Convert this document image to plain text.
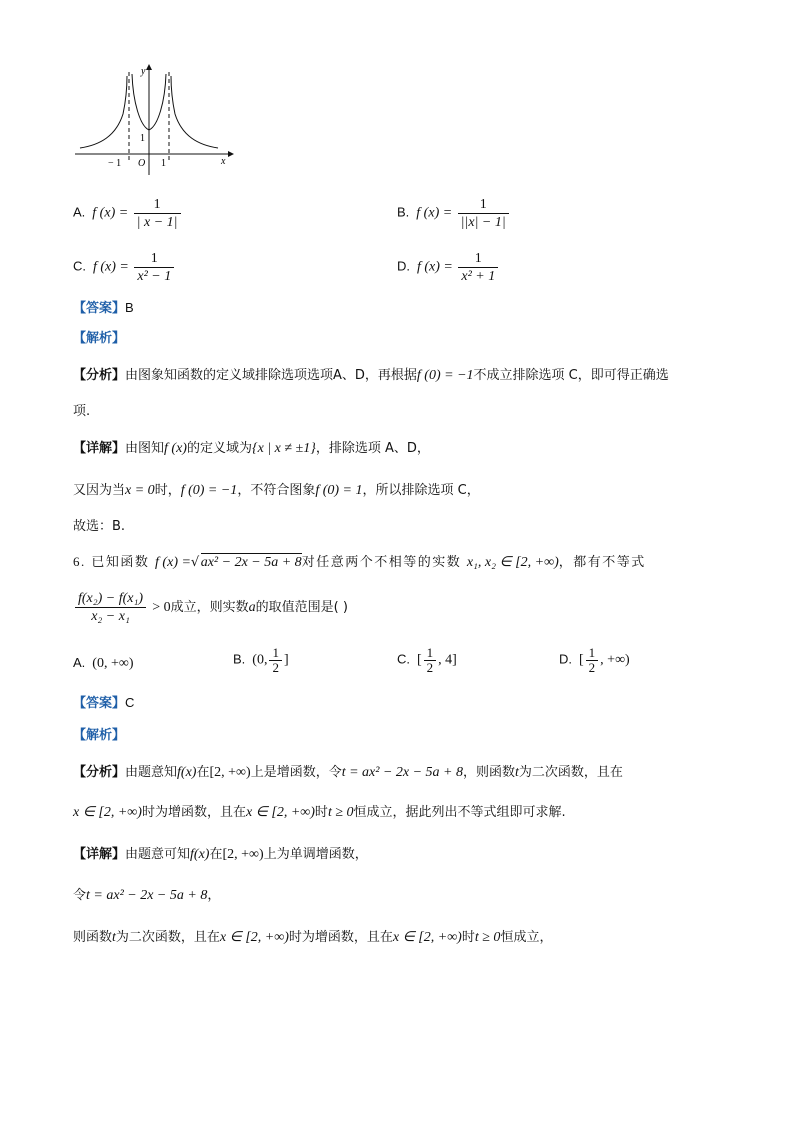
y
x
− 1 O 1
1
A. f $(x) = \frac{1}{| x - 1|}$	B. f $(x) = \frac{1}{||x| - 1|}$
C. f $(x) = \frac{1}{\text{x² − 1}}$	D. f $(x) = \frac{1}{\text{x² + 1}}$
【答案】B
【解析】
【分析】由图象知函数的定义域排除选项选项A、D，再根据f (0) = −1不成立排除选项 C，即可得正确选
项.
【详解】由图知f (x)的定义域为{x | x ≠ ±1}，排除选项 A、D，
又因为当x = 0时，f (0) = −1，不符合图象f (0) = 1，所以排除选项 C，
故选：B.
6. 已知函数 f (x) =√ax² − 2x − 5a + 8对任意两个不相等的实数 x₁, x₂ ∈ [2, +∞)，都有不等式
$\frac{\text{f(x₂) − f(x₁)}}{\text{x₂ − x₁}} > 0$成立，则实数a的取值范围是( )
A. (0, +∞)	B. (0, $\frac{1}{2}$ ]	C. [ $\frac{1}{2}$ , 4]	D. [ $\frac{1}{2}$ , +∞)
【答案】C
【解析】
【分析】由题意知f(x)在[2, +∞)上是增函数，令t = ax² − 2x − 5a + 8，则函数t为二次函数，且在
x ∈ [2, +∞)时为增函数，且在x ∈ [2, +∞)时t ≥ 0恒成立，据此列出不等式组即可求解.
【详解】由题意可知f(x)在[2, +∞)上为单调增函数，
令t = ax² − 2x − 5a + 8，
则函数t为二次函数，且在x ∈ [2, +∞)时为增函数，且在x ∈ [2, +∞)时t ≥ 0恒成立，
